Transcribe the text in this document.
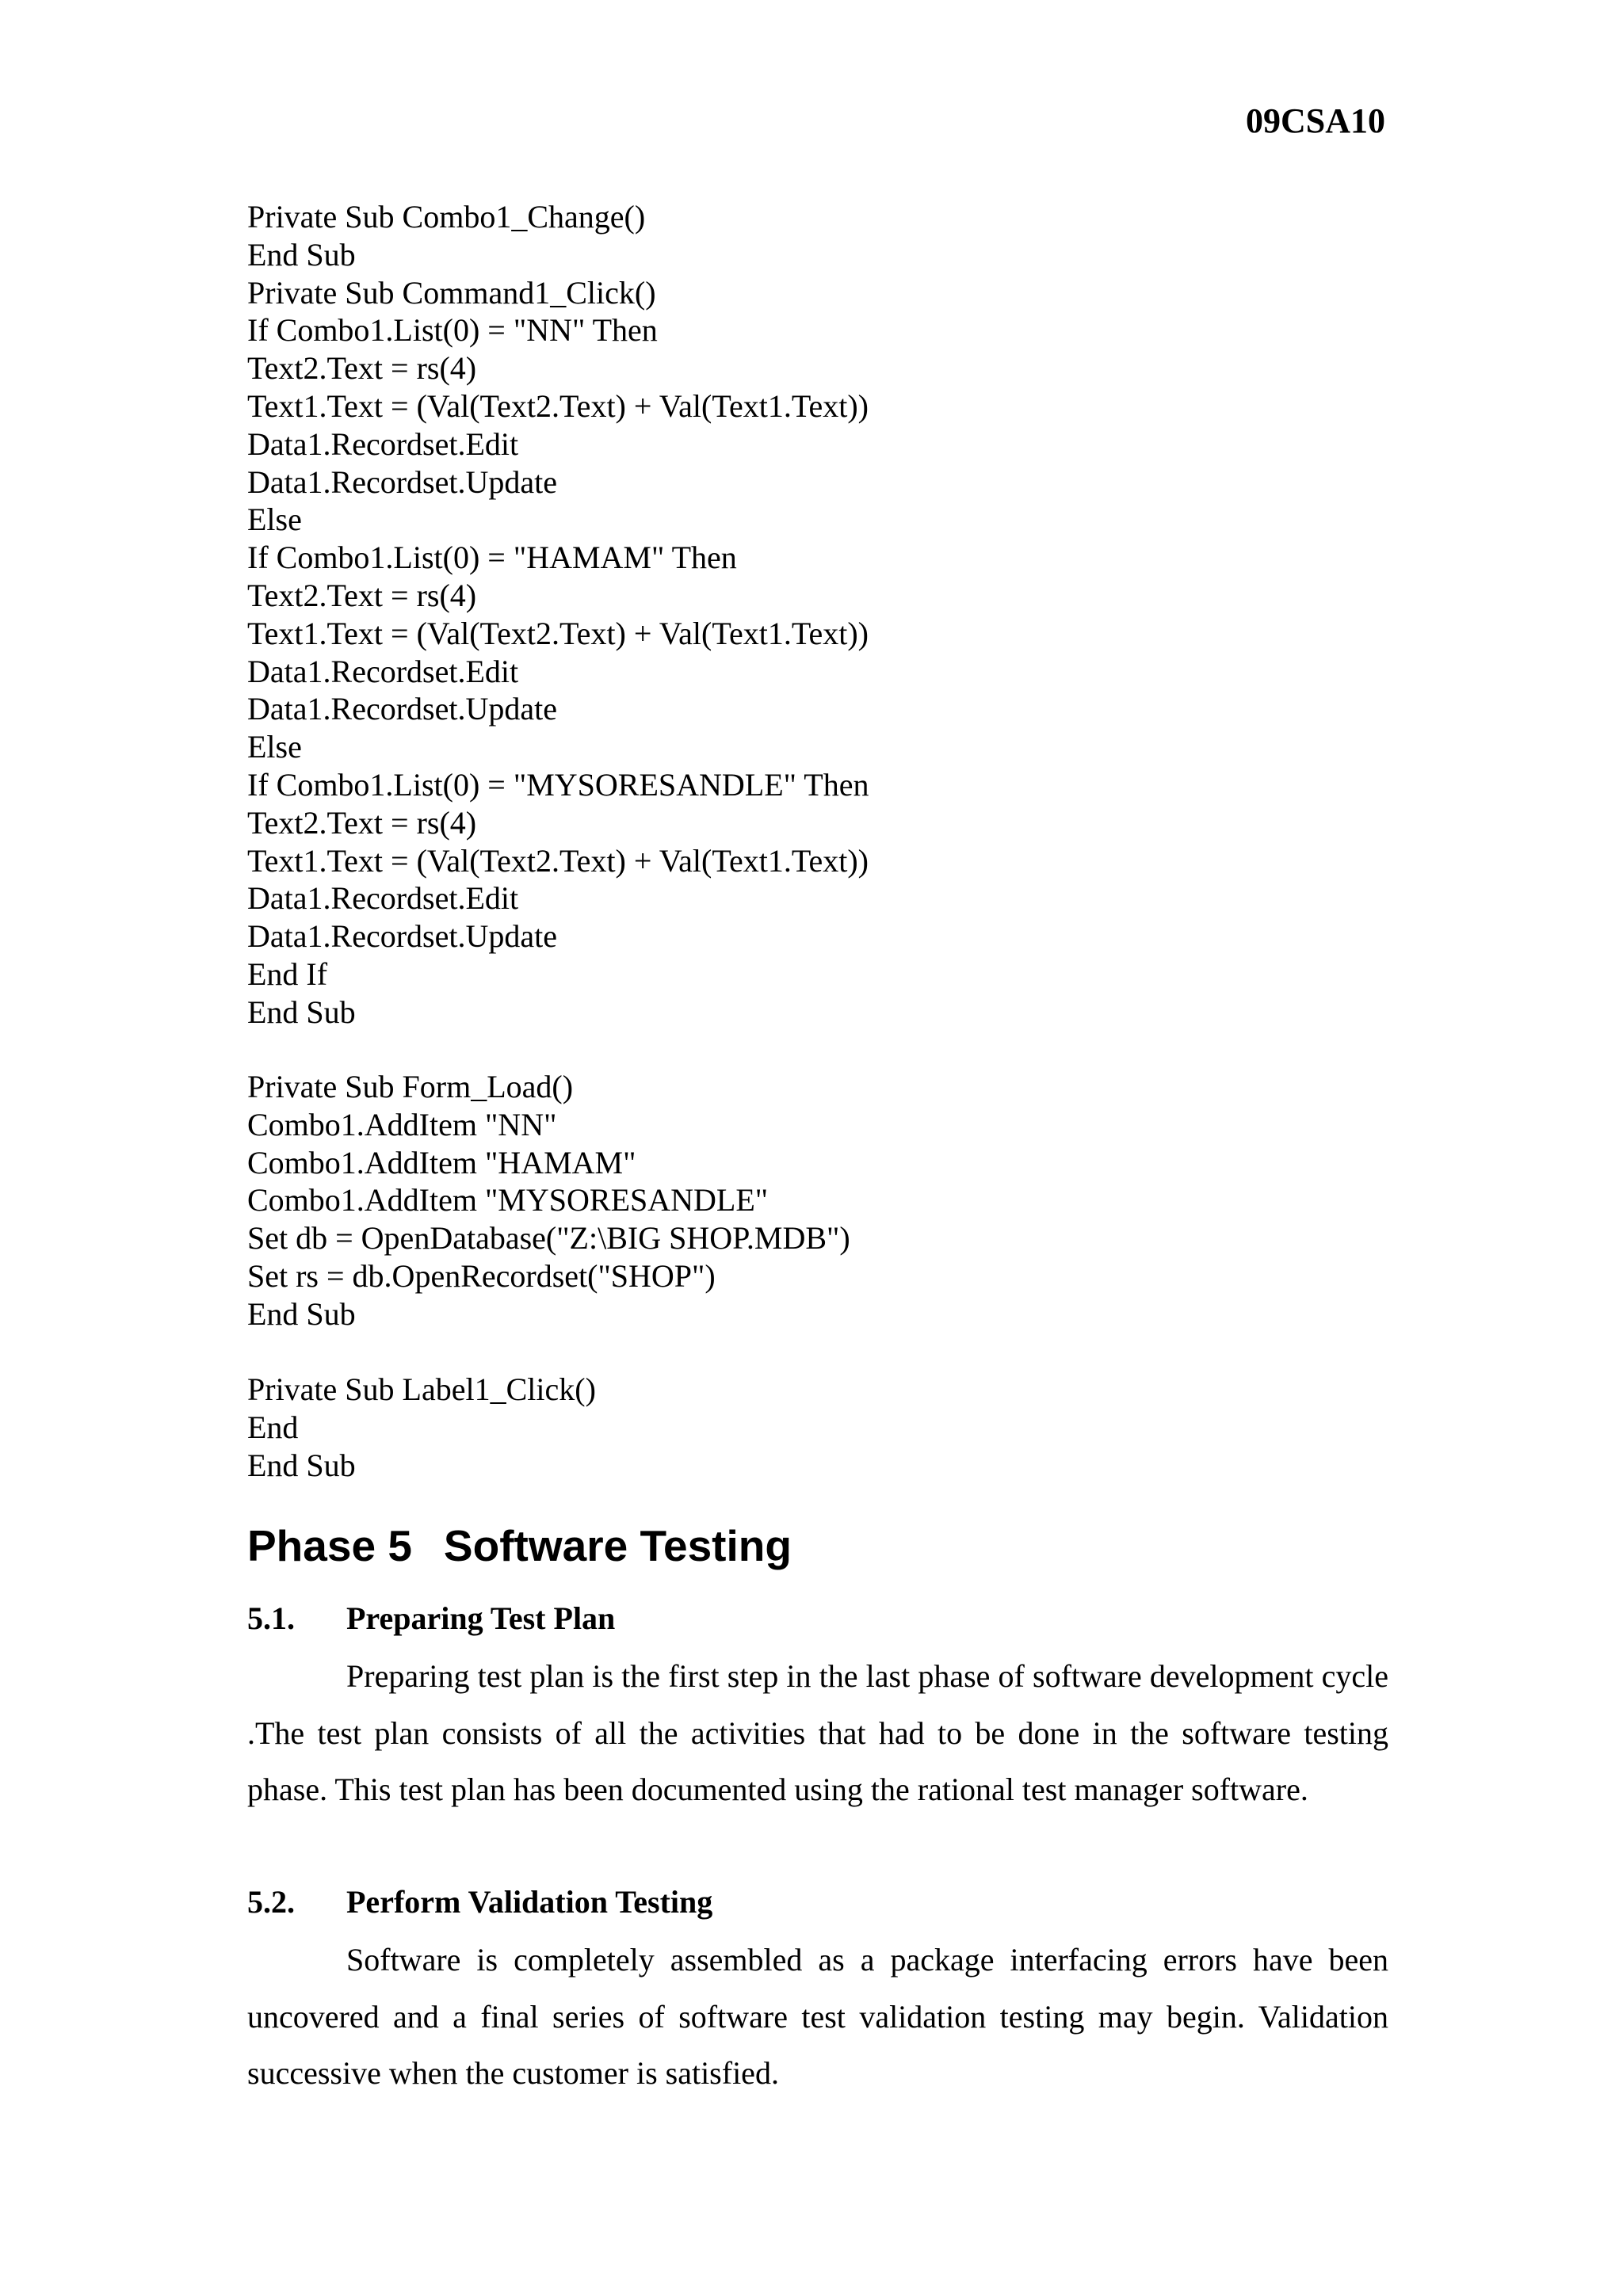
09CSA10
Private Sub Combo1_Change()
End Sub
Private Sub Command1_Click()
If Combo1.List(0) = "NN" Then
Text2.Text = rs(4)
Text1.Text = (Val(Text2.Text) + Val(Text1.Text))
Data1.Recordset.Edit
Data1.Recordset.Update
Else
If Combo1.List(0) = "HAMAM" Then
Text2.Text = rs(4)
Text1.Text = (Val(Text2.Text) + Val(Text1.Text))
Data1.Recordset.Edit
Data1.Recordset.Update
Else
If Combo1.List(0) = "MYSORESANDLE" Then
Text2.Text = rs(4)
Text1.Text = (Val(Text2.Text) + Val(Text1.Text))
Data1.Recordset.Edit
Data1.Recordset.Update
End If
End Sub
Private Sub Form_Load()
Combo1.AddItem "NN"
Combo1.AddItem "HAMAM"
Combo1.AddItem "MYSORESANDLE"
Set db = OpenDatabase("Z:\BIG SHOP.MDB")
Set rs = db.OpenRecordset("SHOP")
End Sub
Private Sub Label1_Click()
End
End Sub
Phase 5 Software Testing
5.1. Preparing Test Plan

Preparing test plan is the first step in the last phase of software development cycle .The test plan consists of all the activities that had to be done in the software testing phase. This test plan has been documented using the rational test manager software.

5.2. Perform Validation Testing

Software is completely assembled as a package interfacing errors have been uncovered and a final series of software test validation testing may begin. Validation successive when the customer is satisfied.
